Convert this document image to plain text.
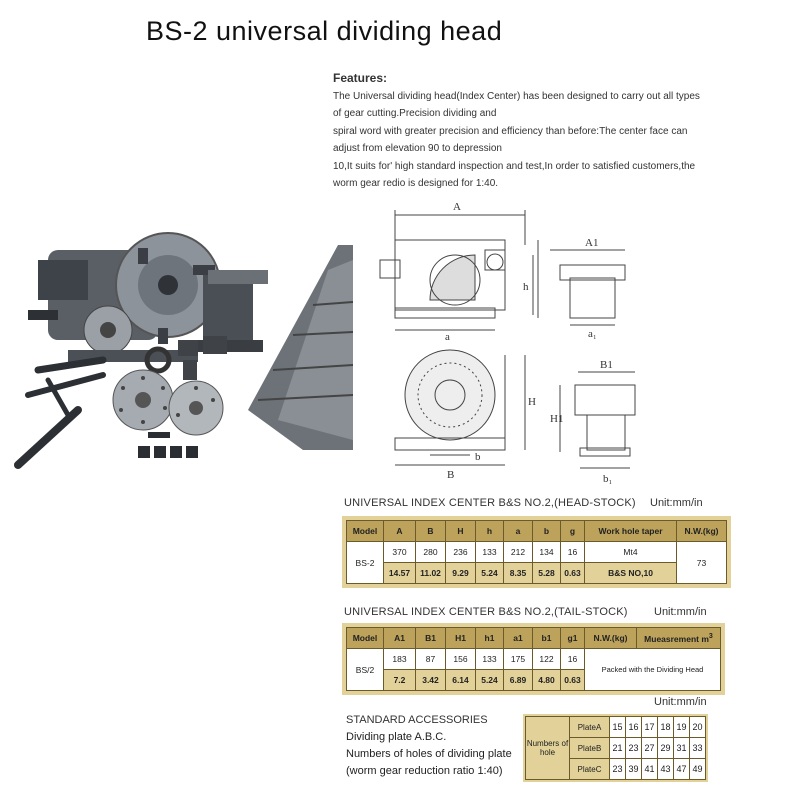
BS-2 universal dividing head
Features:
The Universal dividing head(Index Center) has been designed to carry out all types
of gear cutting.Precision dividing and
spiral word with greater precision and efficiency than before:The center face can
adjust from elevation 90 to depression
10,It suits for' high standard inspection and test,In order to satisfied customers,the
worm gear redio is designed for 1:40.
A
A1
h
a	a₁
B1
H
H1
B
b
b₁
UNIVERSAL INDEX CENTER B&S NO.2,(HEAD-STOCK) Unit:mm/in
Model	A	B	H	h	a	b	g	Work hole taper	N.W.(kg)
BS-2	370	280	236	133	212	134	16	Mt4	73
	14.57	11.02	9.29	5.24	8.35	5.28	0.63	B&S NO,10	
UNIVERSAL INDEX CENTER B&S NO.2,(TAIL-STOCK) Unit:mm/in
Model	A1	B1	H1	h1	a1	b1	g1	N.W.(kg)	Mueasrement $m^3$
BS/2	183	87	156	133	175	122	16	Packed with the Dividing Head	
	7.2	3.42	6.14	5.24	6.89	4.80	0.63		
Unit:mm/in
STANDARD ACCESSORIES
Dividing plate A.B.C.
Numbers of holes of dividing plate
(worm gear reduction ratio 1:40)
Numbers of
hole	PlateA	15	16	17	18	19	20
	PlateB	21	23	27	29	31	33
	PlateC	23	39	41	43	47	49
